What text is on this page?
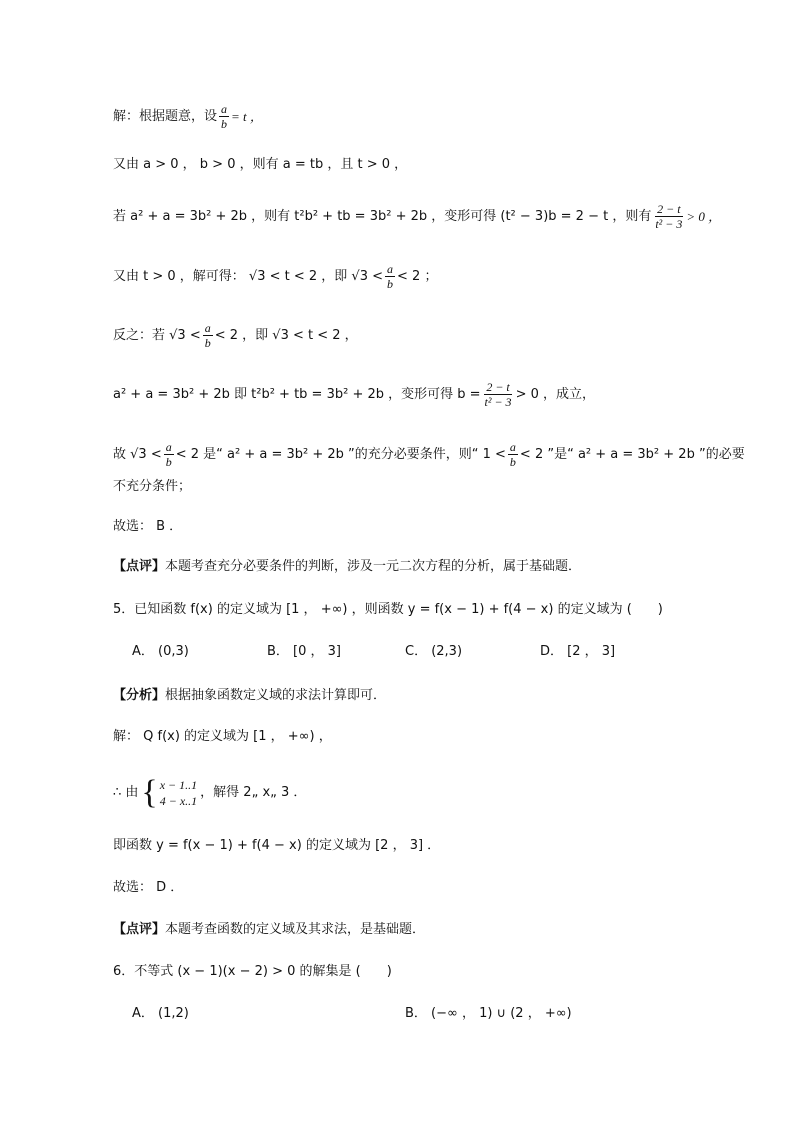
解：根据题意，设 $\frac{a}{b} = t$ ，
又由 a > 0 ， b > 0 ，则有 a = tb ，且 t > 0 ，
若 a² + a = 3b² + 2b ，则有 t²b² + tb = 3b² + 2b ，变形可得 (t² − 3)b = 2 − t ，则有 $\frac{2 - t}{\text{t² − 3}} > 0$ ，
又由 t > 0 ，解可得： √3 < t < 2 ，即 $√3 < \frac{a}{b} < 2$ ；
反之：若 $√3 < \frac{a}{b} < 2$ ，即 √3 < t < 2 ，
a² + a = 3b² + 2b 即 t²b² + tb = 3b² + 2b ，变形可得 $b = \frac{2 - t}{\text{t² − 3}} > 0$ ，成立，
故 $√3 < \frac{a}{b} < 2$ 是“ a² + a = 3b² + 2b ”的充分必要条件，则“ $1 < \frac{a}{b} < 2$ ”是“ a² + a = 3b² + 2b ”的必要
不充分条件；
故选： B ．
【点评】 本题考查充分必要条件的判断，涉及一元二次方程的分析，属于基础题．
5．已知函数 f(x) 的定义域为 [1 ， +∞) ，则函数 y = f(x − 1) + f(4 − x) 的定义域为 (　　)
A． (0,3)	B． [0 ， 3]	C． (2,3)	D． [2 ， 3]
【分析】 根据抽象函数定义域的求法计算即可．
解： Q f(x) 的定义域为 [1 ， +∞) ，
∴ 由 { x − 1..1
4 − x..1
，解得 2„ x„ 3 ．
即函数 y = f(x − 1) + f(4 − x) 的定义域为 [2 ， 3] ．
故选： D ．
【点评】 本题考查函数的定义域及其求法，是基础题．
6．不等式 (x − 1)(x − 2) > 0 的解集是 (　　)
A． (1,2)	B． (−∞ ， 1) ∪ (2 ， +∞)
